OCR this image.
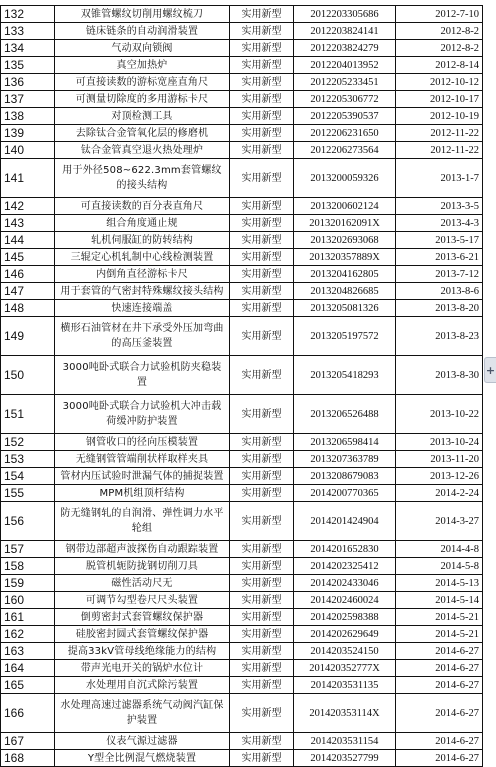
132	双锥管螺纹切削用螺纹梳刀	实用新型	201220330568​6	2012-7-10
133	链床链条的自动润滑装置	实用新型	201220382414​1	2012-8-2
134	气动双向锁阀	实用新型	201220382427​9	2012-8-2
135	真空加热炉	实用新型	201220401395​2	2012-8-14
136	可直接读数的游标宽座直角尺	实用新型	201220523345​1	2012-10-12
137	可测量切除度的多用游标卡尺	实用新型	201220530677​2	2012-10-17
138	对顶检测工具	实用新型	201220539053​7	2012-10-19
139	去除钛合金管氧化层的修磨机	实用新型	201220623165​0	2012-11-22
140	钛合金管真空退火热处理炉	实用新型	201220627356​4	2012-11-22
141	用于外径508~622.3mm套管螺纹的接头结构	实用新型	201320005932​6	2013-1-7
142	可直接读数的百分表直角尺	实用新型	201320060212​4	2013-3-5
143	组合角度通止规	实用新型	201320162091X	2013-4-3
144	轧机伺服缸的防转结构	实用新型	201320269306​8	2013-5-17
145	三辊定心机轧制中心线检测装置	实用新型	201320357889X	2013-6-21
146	内倒角直径游标卡尺	实用新型	201320416280​5	2013-7-12
147	用于套管的气密封特殊螺纹接头结构	实用新型	201320482668​5	2013-8-6
148	快速连接端盖	实用新型	201320508132​6	2013-8-20
149	横形石油管材在井下承受外压加弯曲的高压釜装置	实用新型	201320519757​2	2013-8-23
150	3000吨卧式联合力试验机防夹稳装置	实用新型	201320541829​3	2013-8-30
151	3000吨卧式联合力试验机大冲击载荷缓冲防护装置	实用新型	201320652648​8	2013-10-22
152	钢管收口的径向压模装置	实用新型	201320659841​4	2013-10-24
153	无缝钢管管端削状样取样夹具	实用新型	201320736378​9	2013-11-20
154	管材内压试验时泄漏气体的捕捉装置	实用新型	201320867908​3	2013-12-26
155	MPM机组顶杆结构	实用新型	201420077036​5	2014-2-24
156	防无缝钢轧的自润滑、弹性调力水平轮组	实用新型	201420142490​4	2014-3-27
157	钢带边部超声波探伤自动跟踪装置	实用新型	201420165283​0	2014-4-8
158	脱管机轭防拢钢切削刀具	实用新型	201420232541​2	2014-5-8
159	磁性活动尺无	实用新型	201420243304​6	2014-5-13
160	可调节勾型卷尺尺头装置	实用新型	201420246002​4	2014-5-14
161	倒剪密封式套管螺纹保护器	实用新型	201420259838​8	2014-5-21
162	硅胶密封圆式套管螺纹保护器	实用新型	201420262964​9	2014-5-21
163	提高33kV管母线绝缘能力的结构	实用新型	201420352415​0	2014-6-27
164	带声光电开关的锅炉水位计	实用新型	201420352777X	2014-6-27
165	水处理用自沉式除污装置	实用新型	201420353113​5	2014-6-27
166	水处理高速过滤器系统气动阀汽缸保护装置	实用新型	201420353114X	2014-6-27
167	仪表气源过滤器	实用新型	201420353115​4	2014-6-27
168	Y型全比例混气燃烧装置	实用新型	201420352779​9	2014-6-27
+
